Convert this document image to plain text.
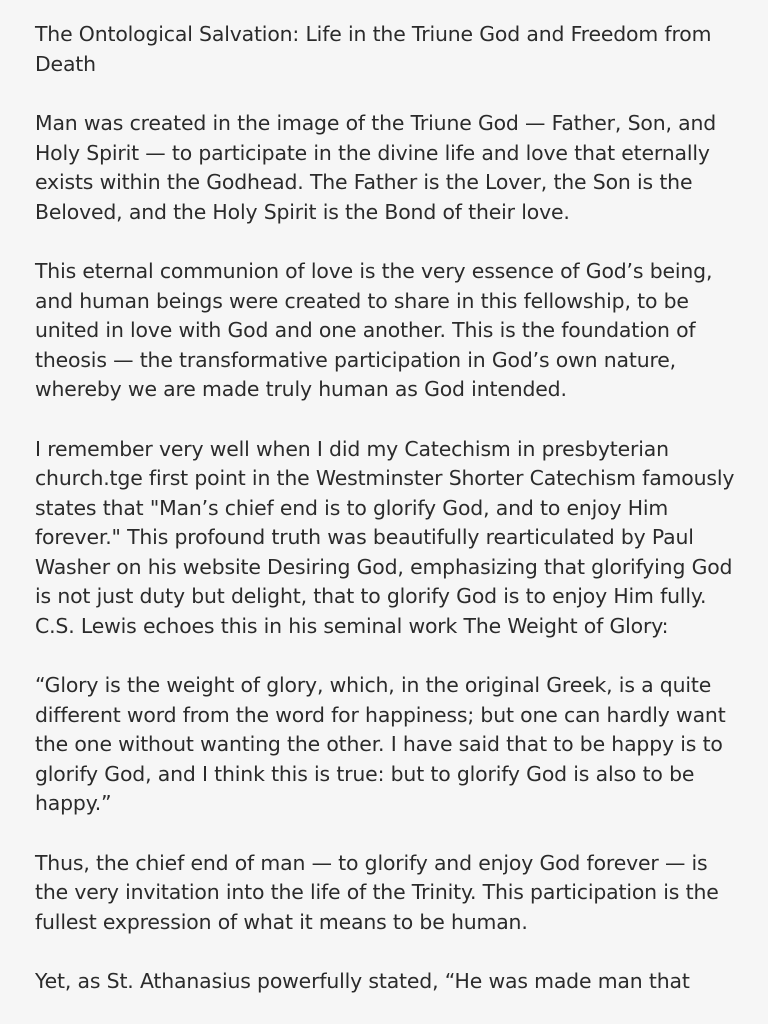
The Ontological Salvation: Life in the Triune God and Freedom from Death

Man was created in the image of the Triune God — Father, Son, and Holy Spirit — to participate in the divine life and love that eternally exists within the Godhead. The Father is the Lover, the Son is the Beloved, and the Holy Spirit is the Bond of their love.

This eternal communion of love is the very essence of God’s being, and human beings were created to share in this fellowship, to be united in love with God and one another. This is the foundation of theosis — the transformative participation in God’s own nature, whereby we are made truly human as God intended.

I remember very well when I did my Catechism in presbyterian church.tge first point in the Westminster Shorter Catechism famously states that "Man’s chief end is to glorify God, and to enjoy Him forever." This profound truth was beautifully rearticulated by Paul Washer on his website Desiring God, emphasizing that glorifying God is not just duty but delight, that to glorify God is to enjoy Him fully. C.S. Lewis echoes this in his seminal work The Weight of Glory:

“Glory is the weight of glory, which, in the original Greek, is a quite different word from the word for happiness; but one can hardly want the one without wanting the other. I have said that to be happy is to glorify God, and I think this is true: but to glorify God is also to be happy.”

Thus, the chief end of man — to glorify and enjoy God forever — is the very invitation into the life of the Trinity. This participation is the fullest expression of what it means to be human.

Yet, as St. Athanasius powerfully stated, “He was made man that
